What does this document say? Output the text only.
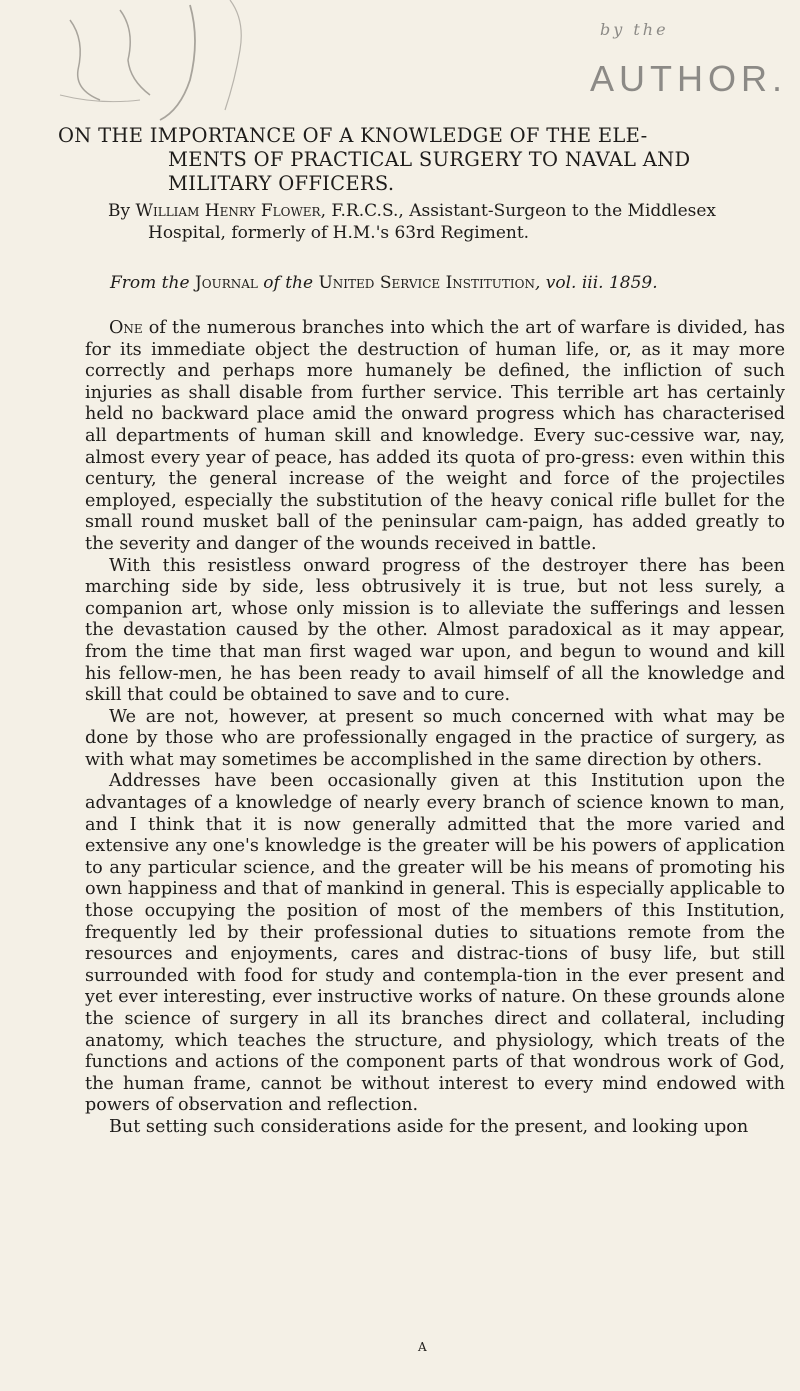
by the
AUTHOR.
ON THE IMPORTANCE OF A KNOWLEDGE OF THE ELE-
MENTS OF PRACTICAL SURGERY TO NAVAL AND
MILITARY OFFICERS.
By William Henry Flower, F.R.C.S., Assistant-Surgeon to the Middlesex
Hospital, formerly of H.M.'s 63rd Regiment.
From the Journal of the United Service Institution, vol. iii. 1859.

One of the numerous branches into which the art of warfare is divided, has for its immediate object the destruction of human life, or, as it may more correctly and perhaps more humanely be defined, the infliction of such injuries as shall disable from further service. This terrible art has certainly held no backward place amid the onward progress which has characterised all departments of human skill and knowledge. Every suc-cessive war, nay, almost every year of peace, has added its quota of pro-gress: even within this century, the general increase of the weight and force of the projectiles employed, especially the substitution of the heavy conical rifle bullet for the small round musket ball of the peninsular cam-paign, has added greatly to the severity and danger of the wounds received in battle.

With this resistless onward progress of the destroyer there has been marching side by side, less obtrusively it is true, but not less surely, a companion art, whose only mission is to alleviate the sufferings and lessen the devastation caused by the other. Almost paradoxical as it may appear, from the time that man first waged war upon, and begun to wound and kill his fellow-men, he has been ready to avail himself of all the knowledge and skill that could be obtained to save and to cure.

We are not, however, at present so much concerned with what may be done by those who are professionally engaged in the practice of surgery, as with what may sometimes be accomplished in the same direction by others.

Addresses have been occasionally given at this Institution upon the advantages of a knowledge of nearly every branch of science known to man, and I think that it is now generally admitted that the more varied and extensive any one's knowledge is the greater will be his powers of application to any particular science, and the greater will be his means of promoting his own happiness and that of mankind in general. This is especially applicable to those occupying the position of most of the members of this Institution, frequently led by their professional duties to situations remote from the resources and enjoyments, cares and distrac-tions of busy life, but still surrounded with food for study and contempla-tion in the ever present and yet ever interesting, ever instructive works of nature. On these grounds alone the science of surgery in all its branches direct and collateral, including anatomy, which teaches the structure, and physiology, which treats of the functions and actions of the component parts of that wondrous work of God, the human frame, cannot be without interest to every mind endowed with powers of observation and reflection.

But setting such considerations aside for the present, and looking upon

A
